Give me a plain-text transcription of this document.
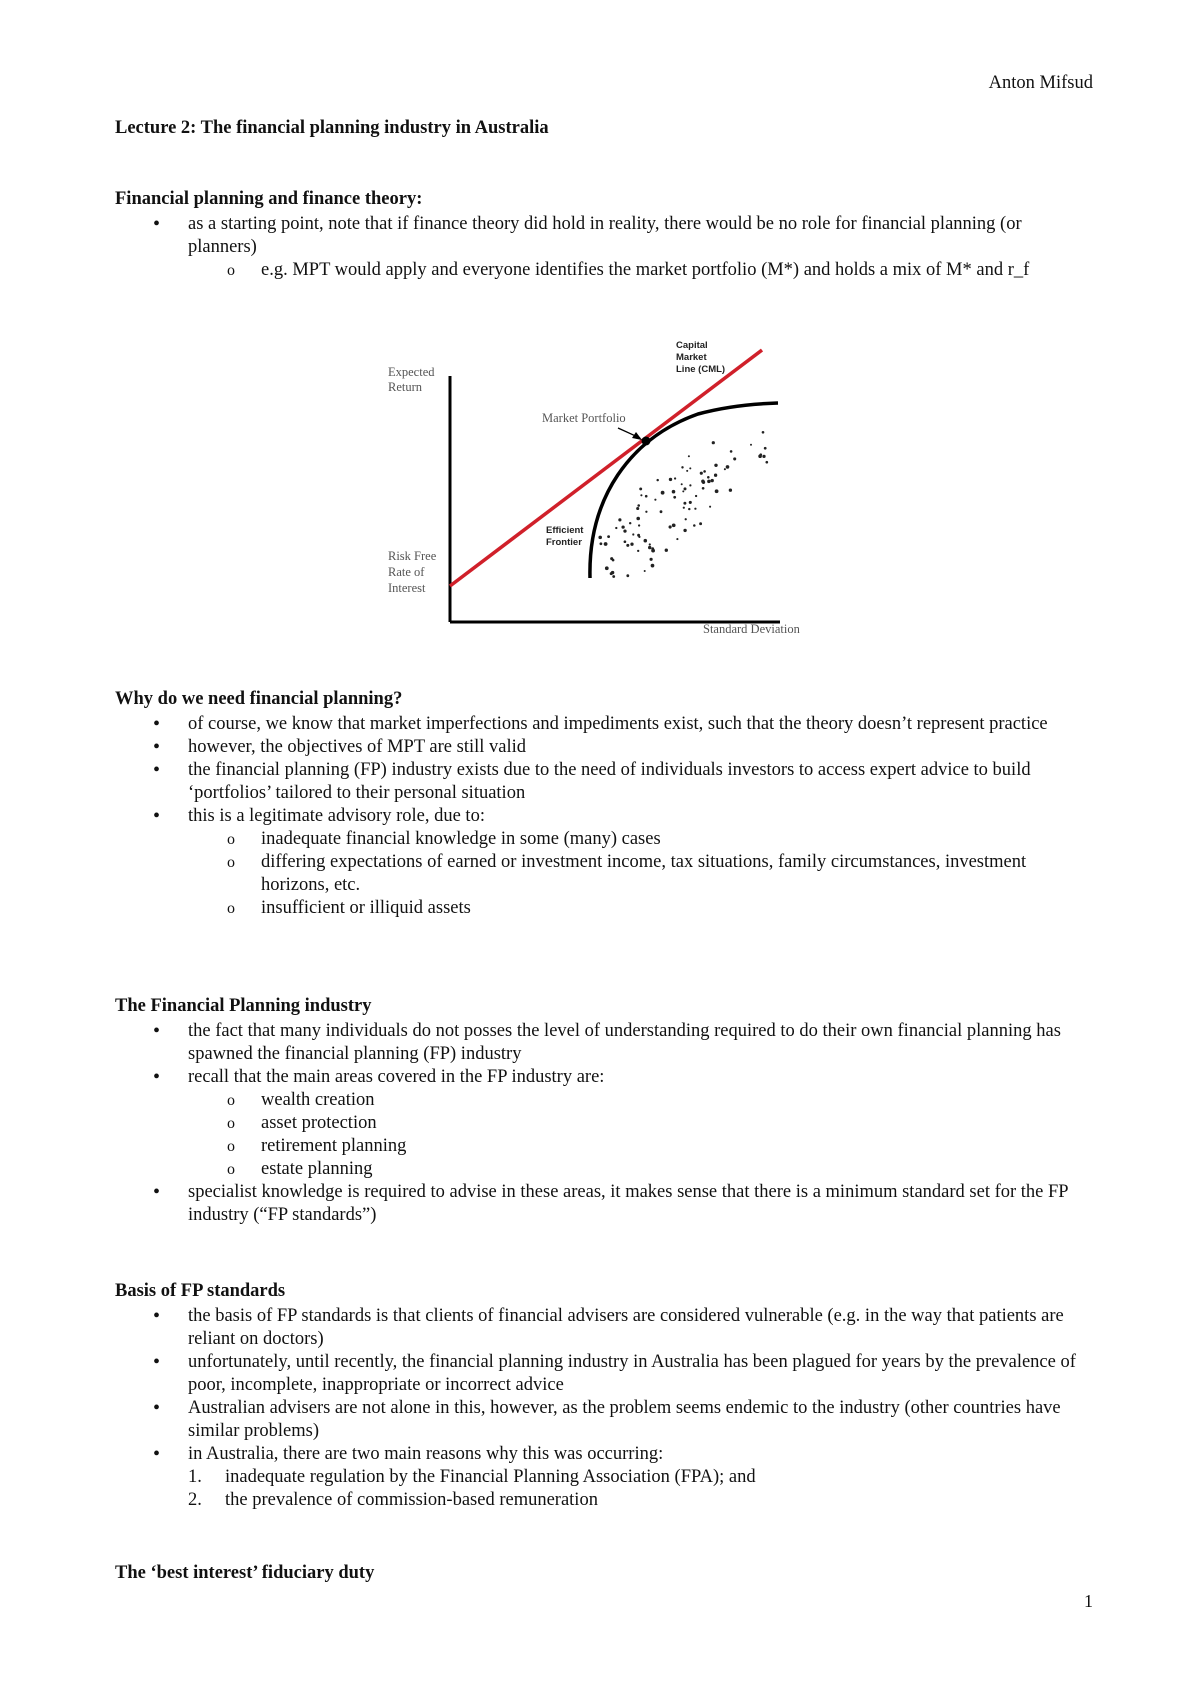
Anton Mifsud
Lecture 2: The financial planning industry in Australia
Financial planning and finance theory:
• as a starting point, note that if finance theory did hold in reality, there would be no role for financial planning (or planners)
o e.g. MPT would apply and everyone identifies the market portfolio (M*) and holds a mix of M* and r_f
Expected
Return
Risk Free
Rate of
Interest
Standard Deviation
Market Portfolio
Capital
Market
Line (CML)
Efficient
Frontier
Why do we need financial planning?
• of course, we know that market imperfections and impediments exist, such that the theory doesn’t represent practice
• however, the objectives of MPT are still valid
• the financial planning (FP) industry exists due to the need of individuals investors to access expert advice to build ‘portfolios’ tailored to their personal situation
• this is a legitimate advisory role, due to:
o inadequate financial knowledge in some (many) cases
o differing expectations of earned or investment income, tax situations, family circumstances, investment horizons, etc.
o insufficient or illiquid assets
The Financial Planning industry
• the fact that many individuals do not posses the level of understanding required to do their own financial planning has spawned the financial planning (FP) industry
• recall that the main areas covered in the FP industry are:
o wealth creation
o asset protection
o retirement planning
o estate planning
• specialist knowledge is required to advise in these areas, it makes sense that there is a minimum standard set for the FP industry (“FP standards”)
Basis of FP standards
• the basis of FP standards is that clients of financial advisers are considered vulnerable (e.g. in the way that patients are reliant on doctors)
• unfortunately, until recently, the financial planning industry in Australia has been plagued for years by the prevalence of poor, incomplete, inappropriate or incorrect advice
• Australian advisers are not alone in this, however, as the problem seems endemic to the industry (other countries have similar problems)
• in Australia, there are two main reasons why this was occurring:
1. inadequate regulation by the Financial Planning Association (FPA); and
2. the prevalence of commission-based remuneration
The ‘best interest’ fiduciary duty
1
